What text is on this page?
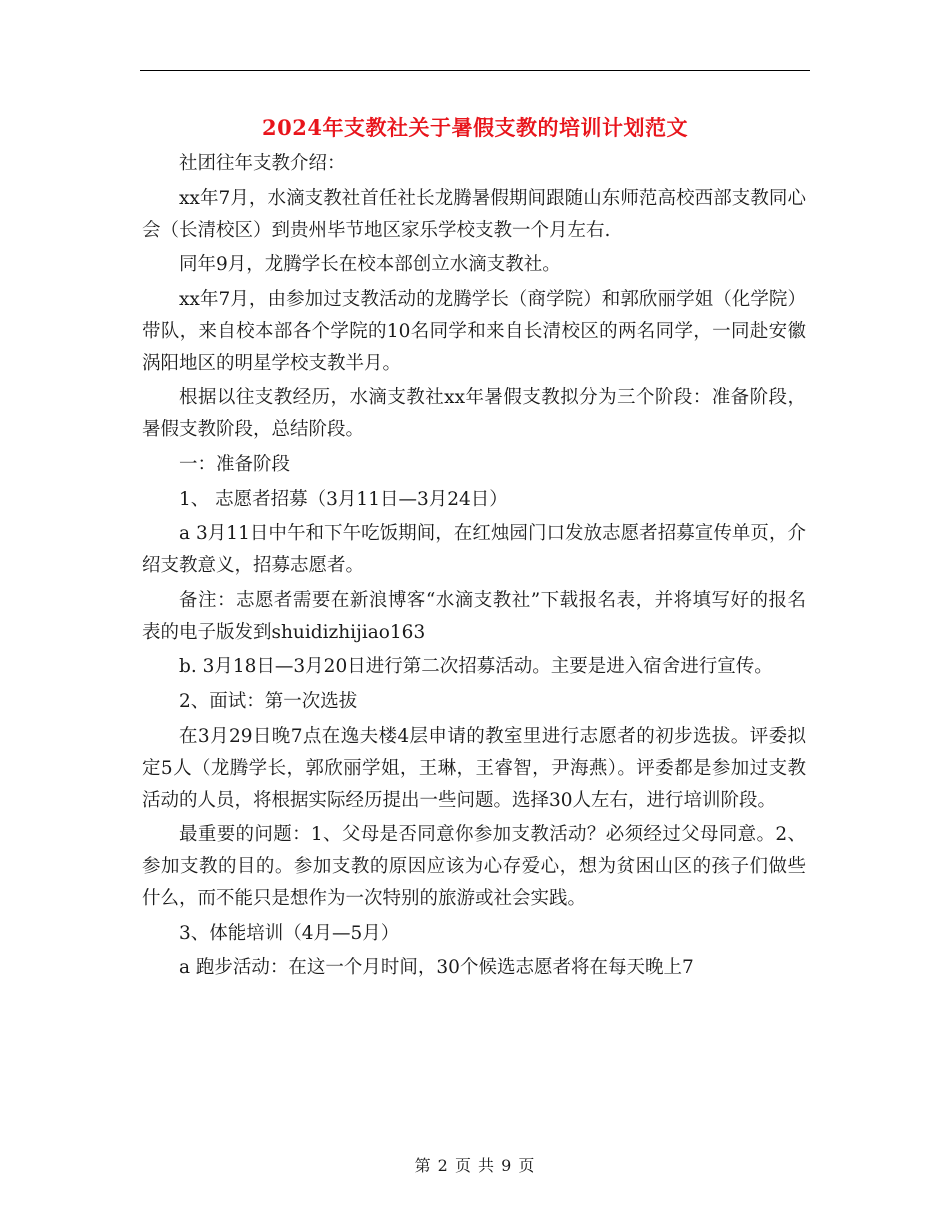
2024年支教社关于暑假支教的培训计划范文

社团往年支教介绍：

xx年7月，水滴支教社首任社长龙腾暑假期间跟随山东师范高校西部支教同心会（长清校区）到贵州毕节地区家乐学校支教一个月左右.

同年9月，龙腾学长在校本部创立水滴支教社。

xx年7月，由参加过支教活动的龙腾学长（商学院）和郭欣丽学姐（化学院）带队，来自校本部各个学院的10名同学和来自长清校区的两名同学，一同赴安徽涡阳地区的明星学校支教半月。

根据以往支教经历，水滴支教社xx年暑假支教拟分为三个阶段：准备阶段，暑假支教阶段，总结阶段。

一：准备阶段

1、 志愿者招募（3月11日—3月24日）

a 3月11日中午和下午吃饭期间，在红烛园门口发放志愿者招募宣传单页，介绍支教意义，招募志愿者。

备注：志愿者需要在新浪博客“水滴支教社”下载报名表，并将填写好的报名表的电子版发到shuidizhijiao163

b. 3月18日—3月20日进行第二次招募活动。主要是进入宿舍进行宣传。

2、面试：第一次选拔

在3月29日晚7点在逸夫楼4层申请的教室里进行志愿者的初步选拔。评委拟定5人（龙腾学长，郭欣丽学姐，王琳，王睿智，尹海燕）。评委都是参加过支教活动的人员，将根据实际经历提出一些问题。选择30人左右，进行培训阶段。

最重要的问题：1、父母是否同意你参加支教活动？必须经过父母同意。2、参加支教的目的。参加支教的原因应该为心存爱心，想为贫困山区的孩子们做些什么，而不能只是想作为一次特别的旅游或社会实践。

3、体能培训（4月—5月）

a 跑步活动：在这一个月时间，30个候选志愿者将在每天晚上7

第 2 页 共 9 页
